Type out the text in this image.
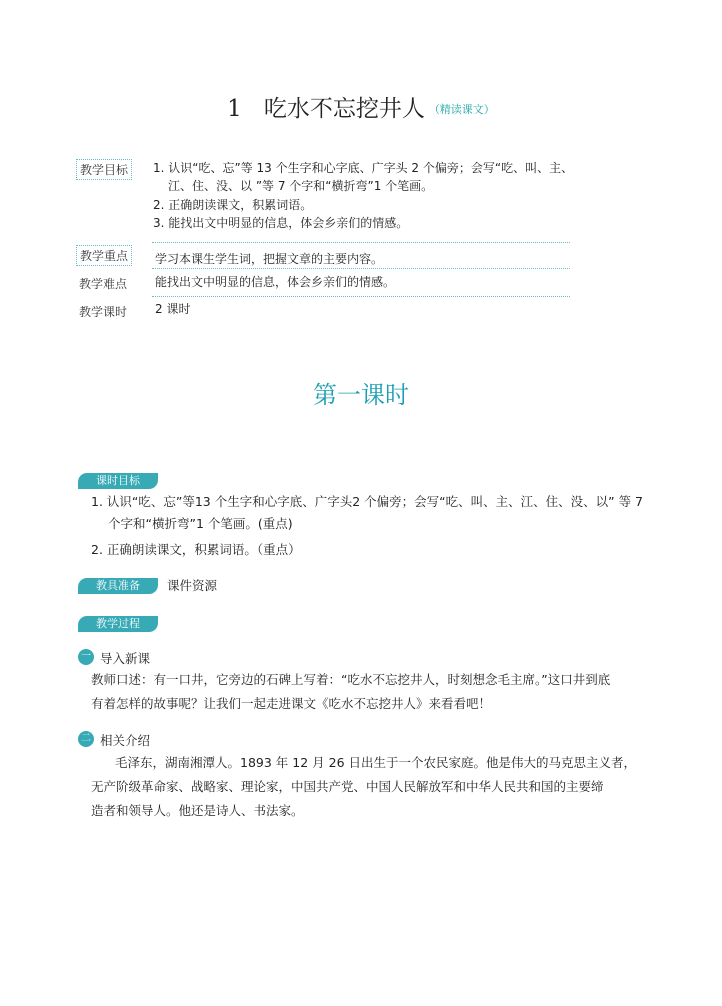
1 吃水不忘挖井人 （精读课文）
教学目标	1. 认识“吃、忘”等 13 个生字和心字底、广字头 2 个偏旁；会写“吃、叫、主、
江、住、没、以 ”等 7 个字和“横折弯”1 个笔画。
2. 正确朗读课文，积累词语。
3. 能找出文中明显的信息，体会乡亲们的情感。
教学重点	学习本课生学生词，把握文章的主要内容。
教学难点 能找出文中明显的信息，体会乡亲们的情感。
教学课时 2 课时
第一课时
课时目标
1. 认识“吃、忘”等13 个生字和心字底、广字头2 个偏旁；会写“吃、叫、主、江、住、没、以” 等 7
个字和“横折弯”1 个笔画。(重点)
2. 正确朗读课文，积累词语。（重点）
教具准备	课件资源
教学过程
一 导入新课
教师口述：有一口井，它旁边的石碑上写着：“吃水不忘挖井人，时刻想念毛主席。”这口井到底
有着怎样的故事呢？让我们一起走进课文《吃水不忘挖井人》来看看吧！
二 相关介绍
毛泽东，湖南湘潭人。1893 年 12 月 26 日出生于一个农民家庭。他是伟大的马克思主义者，
无产阶级革命家、战略家、理论家，中国共产党、中国人民解放军和中华人民共和国的主要缔
造者和领导人。他还是诗人、书法家。
